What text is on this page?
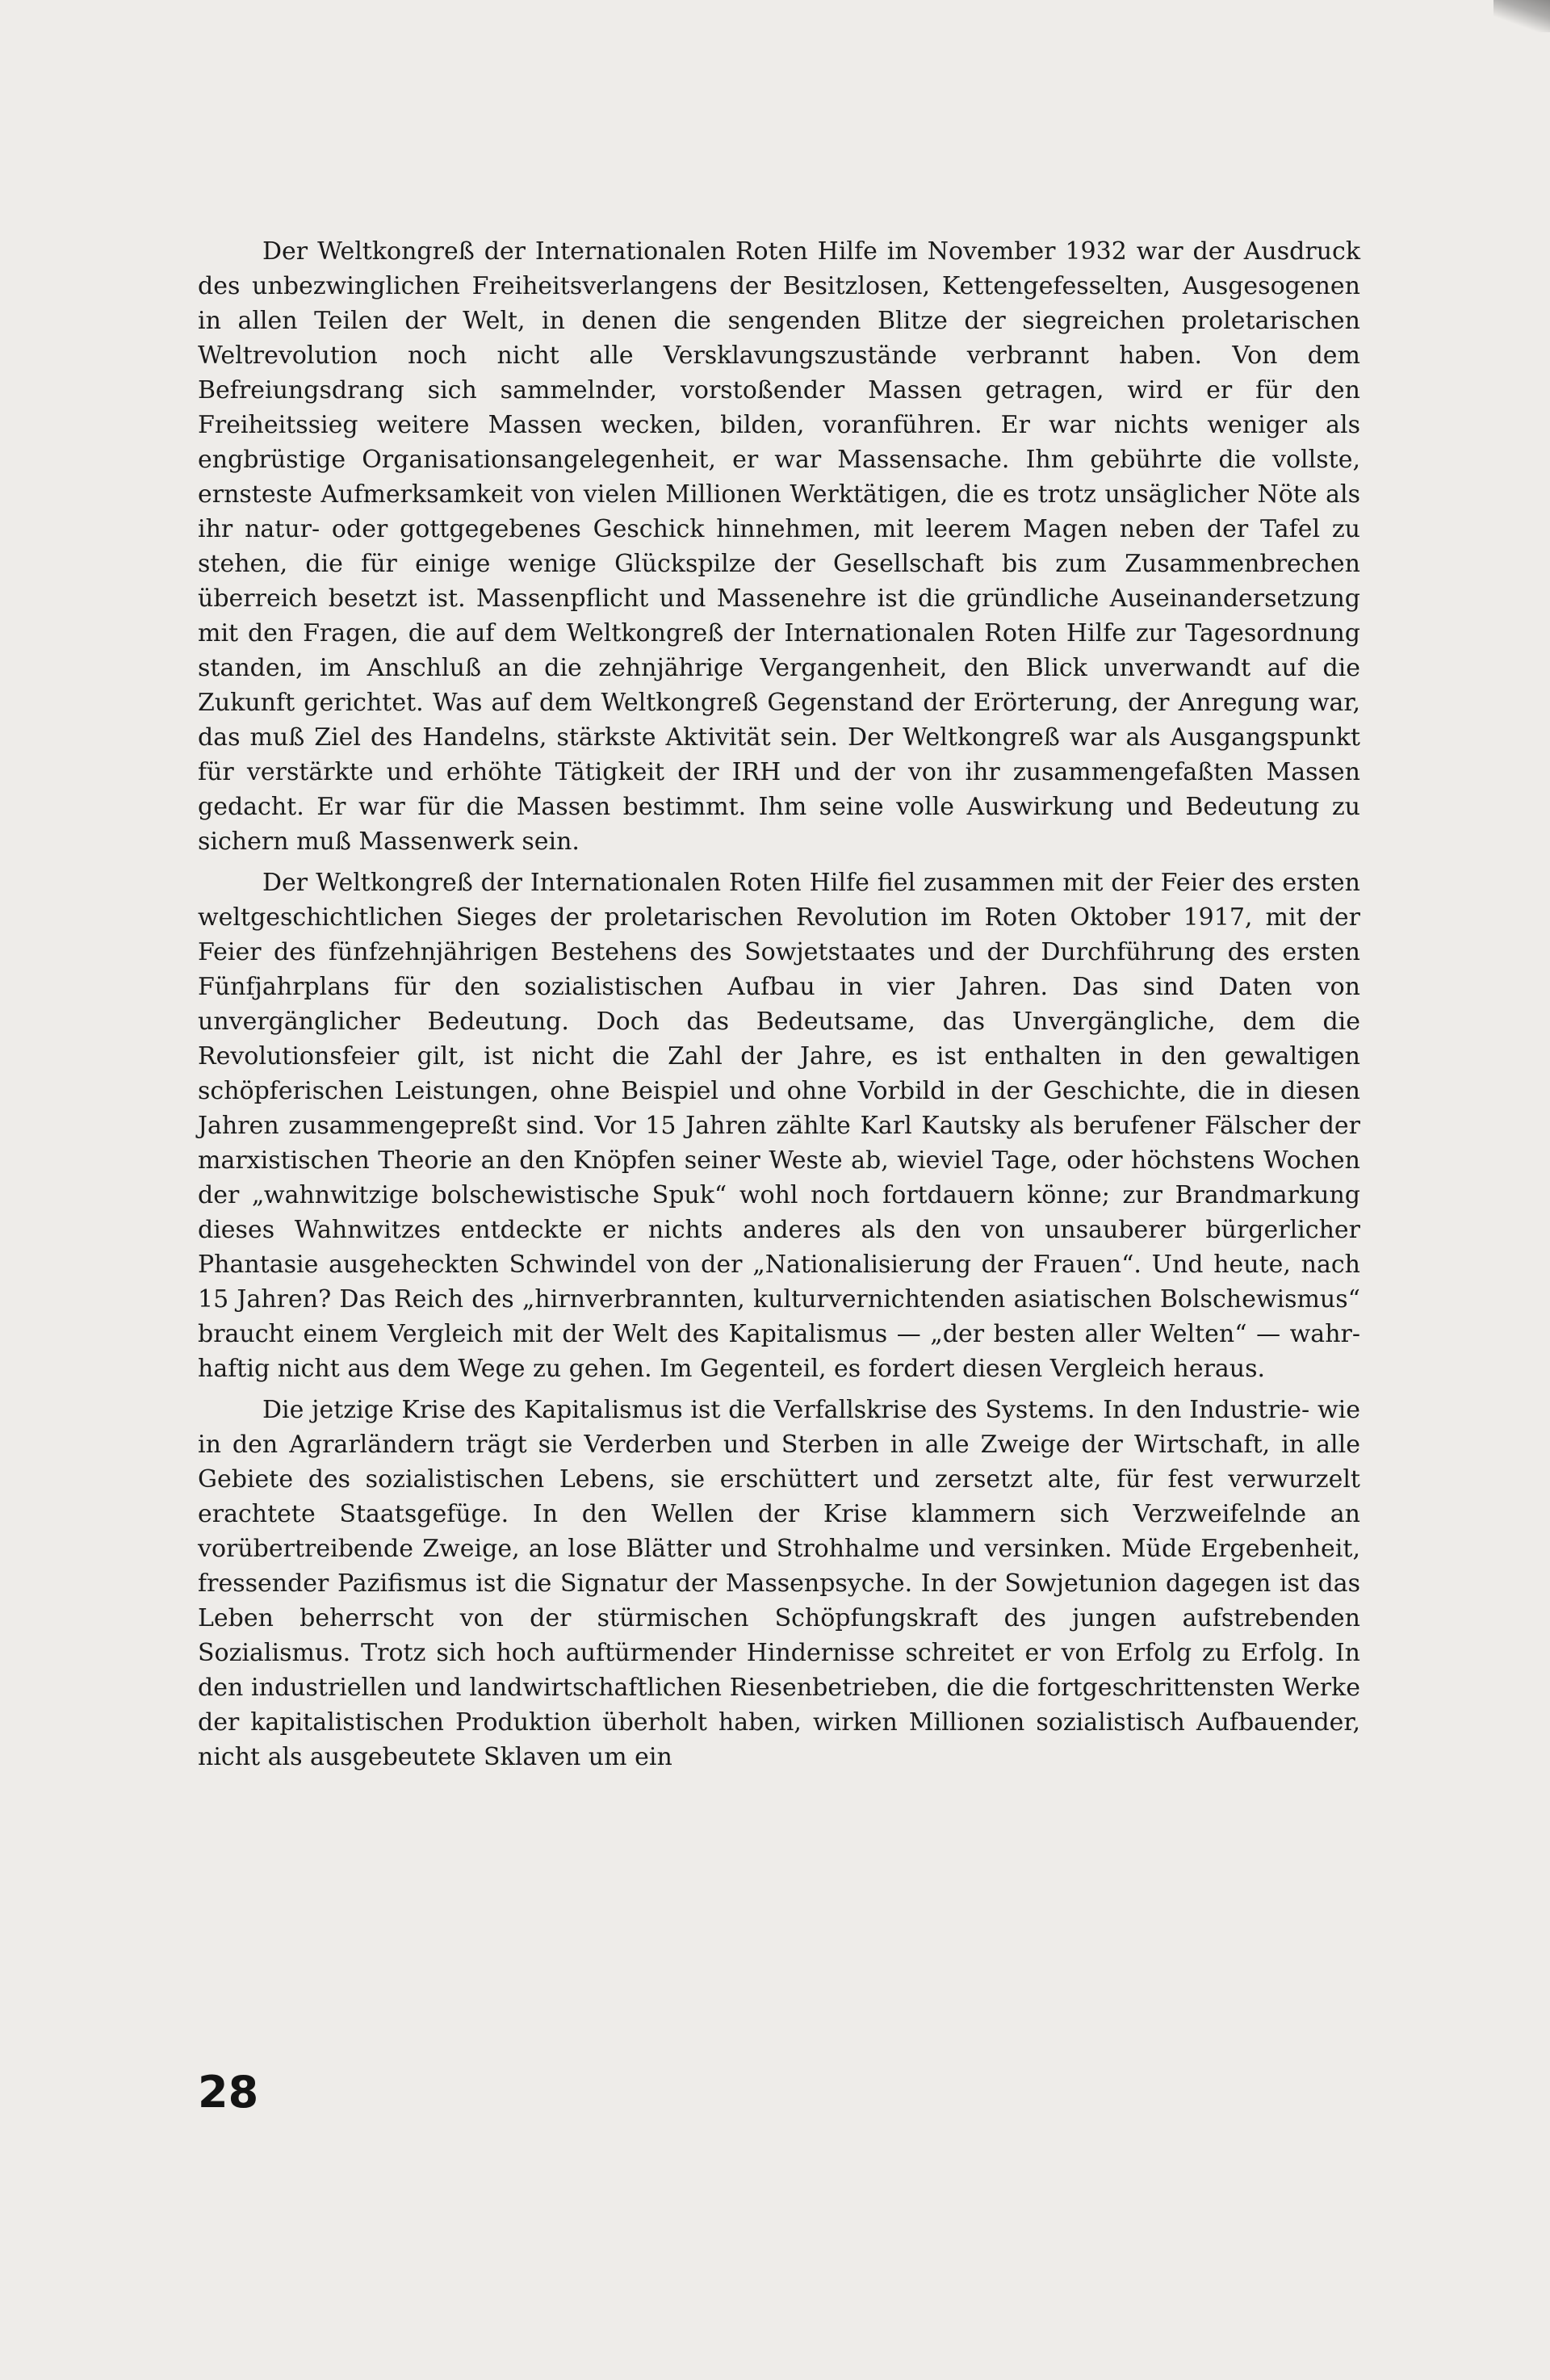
Der Weltkongreß der Internationalen Roten Hilfe im November 1932 war der Ausdruck des unbezwinglichen Freiheitsverlangens der Besitzlosen, Kettengefesselten, Ausgesogenen in allen Teilen der Welt, in denen die sengenden Blitze der siegreichen proletarischen Weltrevolution noch nicht alle Versklavungszustände verbrannt haben. Von dem Befreiungsdrang sich sammelnder, vorstoßender Massen getragen, wird er für den Freiheitssieg weitere Massen wecken, bilden, voranführen. Er war nichts weniger als engbrüstige Organisationsangelegenheit, er war Massensache. Ihm gebührte die vollste, ernsteste Aufmerksamkeit von vielen Millionen Werktätigen, die es trotz unsäglicher Nöte als ihr natur- oder gottgegebenes Geschick hinnehmen, mit leerem Magen neben der Tafel zu stehen, die für einige wenige Glückspilze der Gesellschaft bis zum Zusammenbrechen überreich besetzt ist. Massenpflicht und Massenehre ist die gründliche Auseinandersetzung mit den Fragen, die auf dem Weltkongreß der Internationalen Roten Hilfe zur Tagesordnung standen, im Anschluß an die zehnjährige Vergangenheit, den Blick unverwandt auf die Zukunft gerichtet. Was auf dem Weltkongreß Gegenstand der Erörterung, der Anregung war, das muß Ziel des Handelns, stärkste Aktivität sein. Der Weltkongreß war als Ausgangspunkt für verstärkte und erhöhte Tätigkeit der IRH und der von ihr zusammengefaßten Massen gedacht. Er war für die Massen bestimmt. Ihm seine volle Auswirkung und Bedeutung zu sichern muß Massenwerk sein.

Der Weltkongreß der Internationalen Roten Hilfe fiel zusammen mit der Feier des ersten weltgeschichtlichen Sieges der proletarischen Revolution im Roten Oktober 1917, mit der Feier des fünfzehnjährigen Bestehens des Sowjetstaates und der Durchführung des ersten Fünfjahrplans für den sozialistischen Aufbau in vier Jahren. Das sind Daten von unvergänglicher Bedeutung. Doch das Bedeutsame, das Unvergängliche, dem die Revolutionsfeier gilt, ist nicht die Zahl der Jahre, es ist enthalten in den gewaltigen schöpferischen Leistungen, ohne Beispiel und ohne Vorbild in der Geschichte, die in diesen Jahren zusammengepreßt sind. Vor 15 Jahren zählte Karl Kautsky als berufener Fälscher der marxistischen Theorie an den Knöpfen seiner Weste ab, wieviel Tage, oder höchstens Wochen der „wahnwitzige bolschewistische Spuk“ wohl noch fortdauern könne; zur Brandmarkung dieses Wahnwitzes entdeckte er nichts anderes als den von unsauberer bürgerlicher Phantasie ausgeheckten Schwindel von der „Nationalisierung der Frauen“. Und heute, nach 15 Jahren? Das Reich des „hirnverbrannten, kulturvernichtenden asiatischen Bolschewismus“ braucht einem Vergleich mit der Welt des Kapitalismus — „der besten aller Welten“ — wahrhaftig nicht aus dem Wege zu gehen. Im Gegenteil, es fordert diesen Vergleich heraus.

Die jetzige Krise des Kapitalismus ist die Verfallskrise des Systems. In den Industrie- wie in den Agrarländern trägt sie Verderben und Sterben in alle Zweige der Wirtschaft, in alle Gebiete des sozialistischen Lebens, sie erschüttert und zersetzt alte, für fest verwurzelt erachtete Staatsgefüge. In den Wellen der Krise klammern sich Verzweifelnde an vorübertreibende Zweige, an lose Blätter und Strohhalme und versinken. Müde Ergebenheit, fressender Pazifismus ist die Signatur der Massenpsyche. In der Sowjetunion dagegen ist das Leben beherrscht von der stürmischen Schöpfungskraft des jungen aufstrebenden Sozialismus. Trotz sich hoch auftürmender Hindernisse schreitet er von Erfolg zu Erfolg. In den industriellen und landwirtschaftlichen Riesenbetrieben, die die fortgeschrittensten Werke der kapitalistischen Produktion überholt haben, wirken Millionen sozialistisch Aufbauender, nicht als ausgebeutete Sklaven um ein

28
